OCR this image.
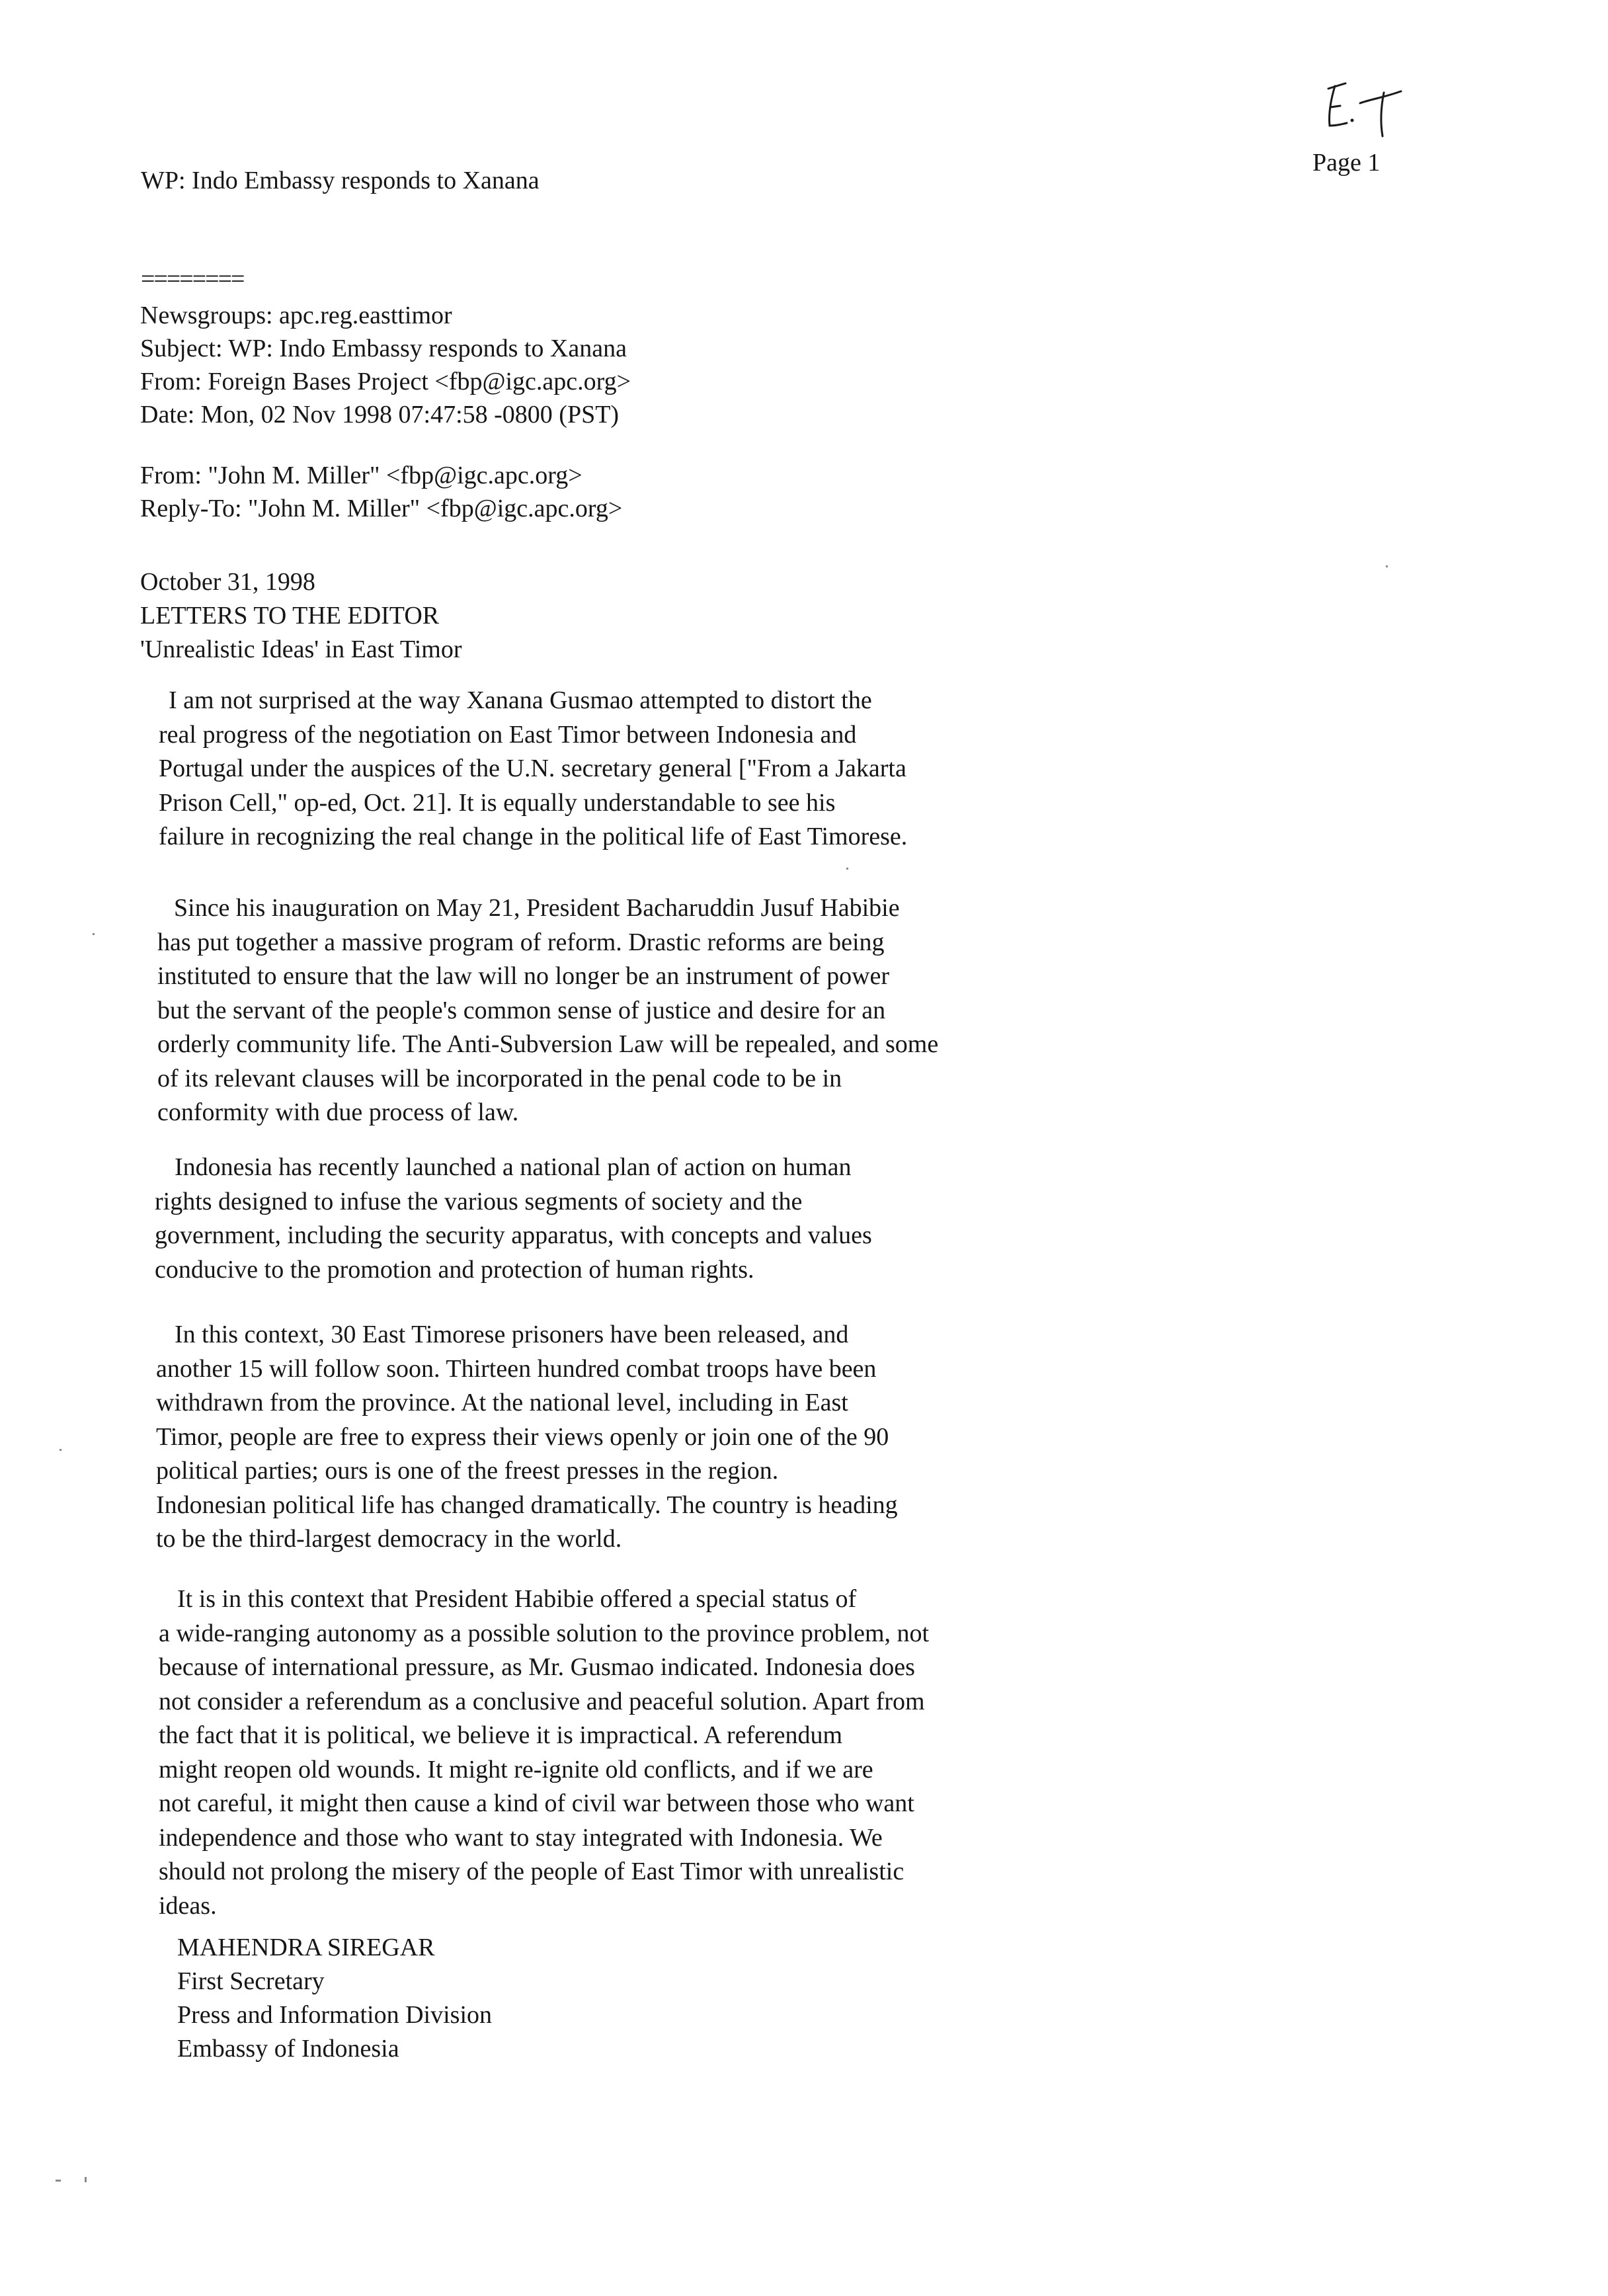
Page 1
WP: Indo Embassy responds to Xanana
========
Newsgroups: apc.reg.easttimor
Subject: WP: Indo Embassy responds to Xanana
From: Foreign Bases Project <fbp@igc.apc.org>
Date: Mon, 02 Nov 1998 07:47:58 -0800 (PST)
From: "John M. Miller" <fbp@igc.apc.org>
Reply-To: "John M. Miller" <fbp@igc.apc.org>
October 31, 1998
LETTERS TO THE EDITOR
'Unrealistic Ideas' in East Timor

I am not surprised at the way Xanana Gusmao attempted to distort the

real progress of the negotiation on East Timor between Indonesia and

Portugal under the auspices of the U.N. secretary general ["From a Jakarta

Prison Cell," op-ed, Oct. 21]. It is equally understandable to see his

failure in recognizing the real change in the political life of East Timorese.

Since his inauguration on May 21, President Bacharuddin Jusuf Habibie

has put together a massive program of reform. Drastic reforms are being

instituted to ensure that the law will no longer be an instrument of power

but the servant of the people's common sense of justice and desire for an

orderly community life. The Anti-Subversion Law will be repealed, and some

of its relevant clauses will be incorporated in the penal code to be in

conformity with due process of law.

Indonesia has recently launched a national plan of action on human

rights designed to infuse the various segments of society and the

government, including the security apparatus, with concepts and values

conducive to the promotion and protection of human rights.

In this context, 30 East Timorese prisoners have been released, and

another 15 will follow soon. Thirteen hundred combat troops have been

withdrawn from the province. At the national level, including in East

Timor, people are free to express their views openly or join one of the 90

political parties; ours is one of the freest presses in the region.

Indonesian political life has changed dramatically. The country is heading

to be the third-largest democracy in the world.

It is in this context that President Habibie offered a special status of

a wide-ranging autonomy as a possible solution to the province problem, not

because of international pressure, as Mr. Gusmao indicated. Indonesia does

not consider a referendum as a conclusive and peaceful solution. Apart from

the fact that it is political, we believe it is impractical. A referendum

might reopen old wounds. It might re-ignite old conflicts, and if we are

not careful, it might then cause a kind of civil war between those who want

independence and those who want to stay integrated with Indonesia. We

should not prolong the misery of the people of East Timor with unrealistic

ideas.

MAHENDRA SIREGAR
First Secretary
Press and Information Division
Embassy of Indonesia
